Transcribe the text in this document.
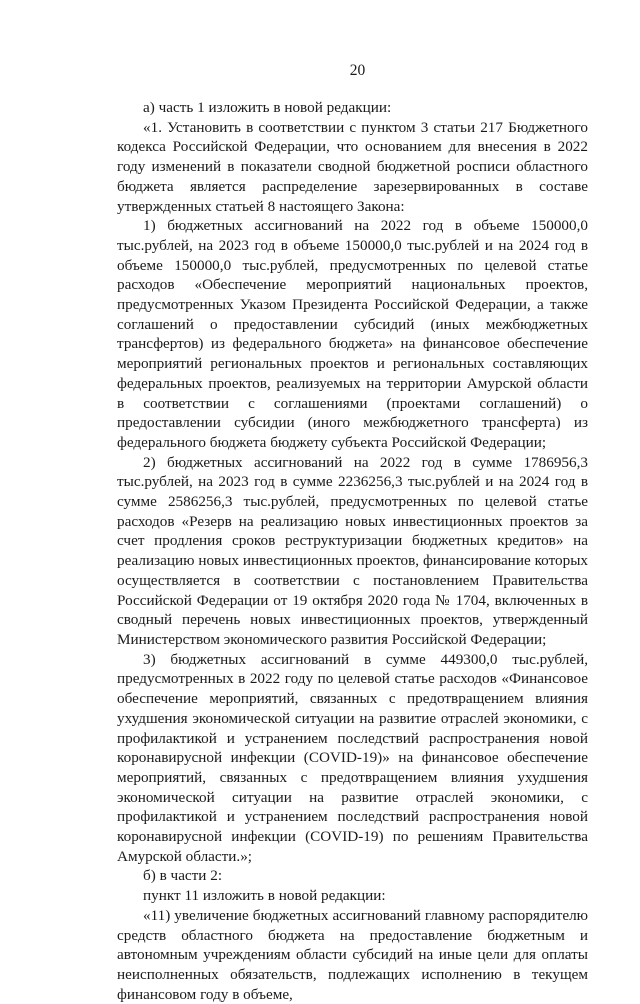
20

а) часть 1 изложить в новой редакции:

«1. Установить в соответствии с пунктом 3 статьи 217 Бюджетного кодекса Российской Федерации, что основанием для внесения в 2022 году изменений в показатели сводной бюджетной росписи областного бюджета является распределение зарезервированных в составе утвержденных статьей 8 настоящего Закона:

1) бюджетных ассигнований на 2022 год в объеме 150000,0 тыс.рублей, на 2023 год в объеме 150000,0 тыс.рублей и на 2024 год в объеме 150000,0 тыс.рублей, предусмотренных по целевой статье расходов «Обеспечение мероприятий национальных проектов, предусмотренных Указом Президента Российской Федерации, а также соглашений о предоставлении субсидий (иных межбюджетных трансфертов) из федерального бюджета» на финансовое обеспечение мероприятий региональных проектов и региональных составляющих федеральных проектов, реализуемых на территории Амурской области в соответствии с соглашениями (проектами соглашений) о предоставлении субсидии (иного межбюджетного трансферта) из федерального бюджета бюджету субъекта Российской Федерации;

2) бюджетных ассигнований на 2022 год в сумме 1786956,3 тыс.рублей, на 2023 год в сумме 2236256,3 тыс.рублей и на 2024 год в сумме 2586256,3 тыс.рублей, предусмотренных по целевой статье расходов «Резерв на реализацию новых инвестиционных проектов за счет продления сроков реструктуризации бюджетных кредитов» на реализацию новых инвестиционных проектов, финансирование которых осуществляется в соответствии с постановлением Правительства Российской Федерации от 19 октября 2020 года № 1704, включенных в сводный перечень новых инвестиционных проектов, утвержденный Министерством экономического развития Российской Федерации;

3) бюджетных ассигнований в сумме 449300,0 тыс.рублей, предусмотренных в 2022 году по целевой статье расходов «Финансовое обеспечение мероприятий, связанных с предотвращением влияния ухудшения экономической ситуации на развитие отраслей экономики, с профилактикой и устранением последствий распространения новой коронавирусной инфекции (COVID-19)» на финансовое обеспечение мероприятий, связанных с предотвращением влияния ухудшения экономической ситуации на развитие отраслей экономики, с профилактикой и устранением последствий распространения новой коронавирусной инфекции (COVID-19) по решениям Правительства Амурской области.»;

б) в части 2:

пункт 11 изложить в новой редакции:

«11) увеличение бюджетных ассигнований главному распорядителю средств областного бюджета на предоставление бюджетным и автономным учреждениям области субсидий на иные цели для оплаты неисполненных обязательств, подлежащих исполнению в текущем финансовом году в объеме,
